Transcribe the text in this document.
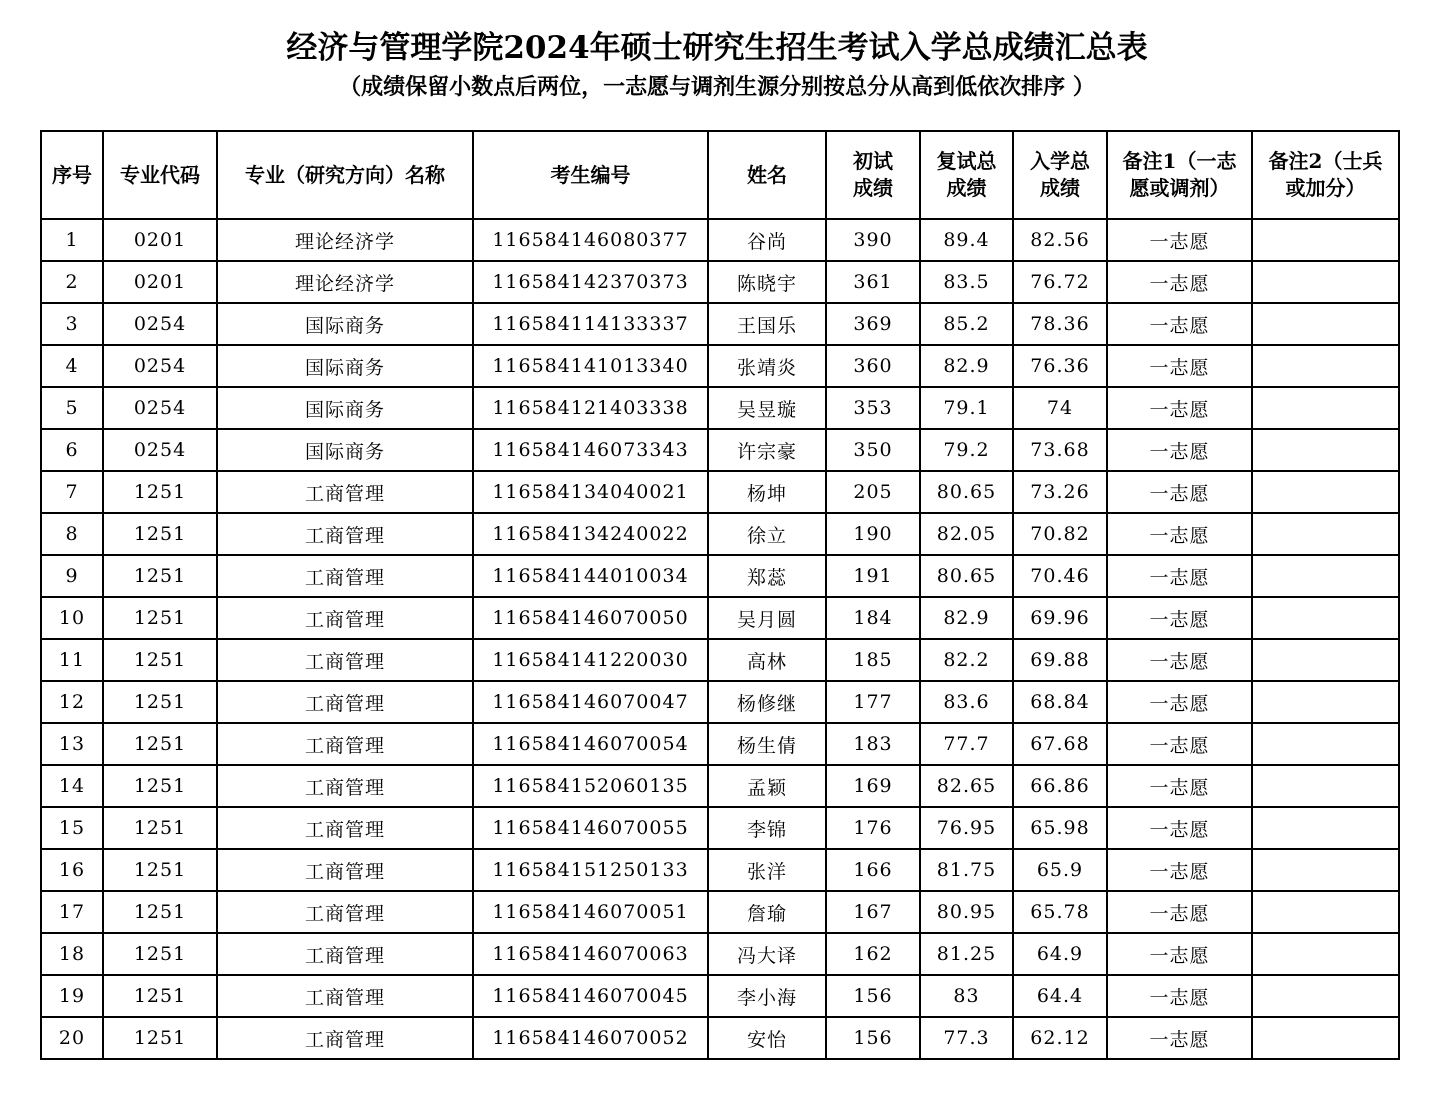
经济与管理学院2024年硕士研究生招生考试入学总成绩汇总表
（成绩保留小数点后两位，一志愿与调剂生源分别按总分从高到低依次排序 ）
序号	专业代码	专业（研究方向）名称	考生编号	姓名	初试成绩	复试总成绩	入学总成绩	备注1（一志愿或调剂）	备注2（士兵或加分）
1	0201	理论经济学	116584146080377	谷尚	390	89.4	82.56	一志愿	
2	0201	理论经济学	116584142370373	陈晓宇	361	83.5	76.72	一志愿	
3	0254	国际商务	116584114133337	王国乐	369	85.2	78.36	一志愿	
4	0254	国际商务	116584141013340	张靖炎	360	82.9	76.36	一志愿	
5	0254	国际商务	116584121403338	吴昱璇	353	79.1	74	一志愿	
6	0254	国际商务	116584146073343	许宗豪	350	79.2	73.68	一志愿	
7	1251	工商管理	116584134040021	杨坤	205	80.65	73.26	一志愿	
8	1251	工商管理	116584134240022	徐立	190	82.05	70.82	一志愿	
9	1251	工商管理	116584144010034	郑蕊	191	80.65	70.46	一志愿	
10	1251	工商管理	116584146070050	吴月圆	184	82.9	69.96	一志愿	
11	1251	工商管理	116584141220030	高林	185	82.2	69.88	一志愿	
12	1251	工商管理	116584146070047	杨修继	177	83.6	68.84	一志愿	
13	1251	工商管理	116584146070054	杨生倩	183	77.7	67.68	一志愿	
14	1251	工商管理	116584152060135	孟颖	169	82.65	66.86	一志愿	
15	1251	工商管理	116584146070055	李锦	176	76.95	65.98	一志愿	
16	1251	工商管理	116584151250133	张洋	166	81.75	65.9	一志愿	
17	1251	工商管理	116584146070051	詹瑜	167	80.95	65.78	一志愿	
18	1251	工商管理	116584146070063	冯大译	162	81.25	64.9	一志愿	
19	1251	工商管理	116584146070045	李小海	156	83	64.4	一志愿	
20	1251	工商管理	116584146070052	安怡	156	77.3	62.12	一志愿	
